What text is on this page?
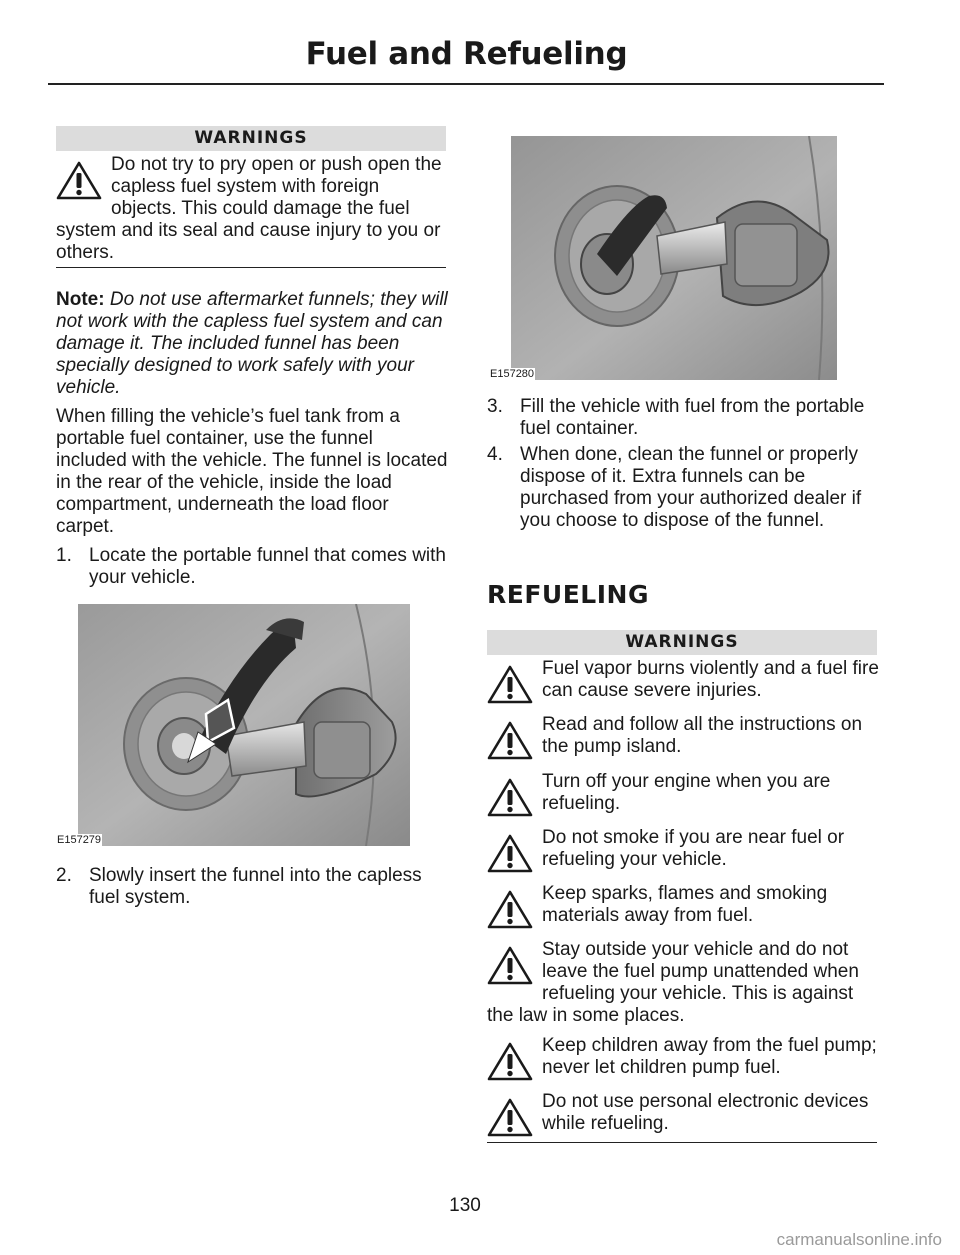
Fuel and Refueling
WARNINGS
Do not try to pry open or push open the capless fuel system with foreign objects. This could damage the fuel system and its seal and cause injury to you or others.
Note: Do not use aftermarket funnels; they will not work with the capless fuel system and can damage it. The included funnel has been specially designed to work safely with your vehicle.
When filling the vehicle’s fuel tank from a portable fuel container, use the funnel included with the vehicle. The funnel is located in the rear of the vehicle, inside the load compartment, underneath the load floor carpet.
1. Locate the portable funnel that comes with your vehicle.
2. Slowly insert the funnel into the capless fuel system.
E157279
E157280
3. Fill the vehicle with fuel from the portable fuel container.
4. When done, clean the funnel or properly dispose of it. Extra funnels can be purchased from your authorized dealer if you choose to dispose of the funnel.
WARNINGS
Fuel vapor burns violently and a fuel fire can cause severe injuries.
Read and follow all the instructions on the pump island.
Turn off your engine when you are refueling.
Do not smoke if you are near fuel or refueling your vehicle.
Keep sparks, flames and smoking materials away from fuel.
Stay outside your vehicle and do not leave the fuel pump unattended when refueling your vehicle. This is against the law in some places.
Keep children away from the fuel pump; never let children pump fuel.
Do not use personal electronic devices while refueling.
REFUELING
130
carmanualsonline.info
